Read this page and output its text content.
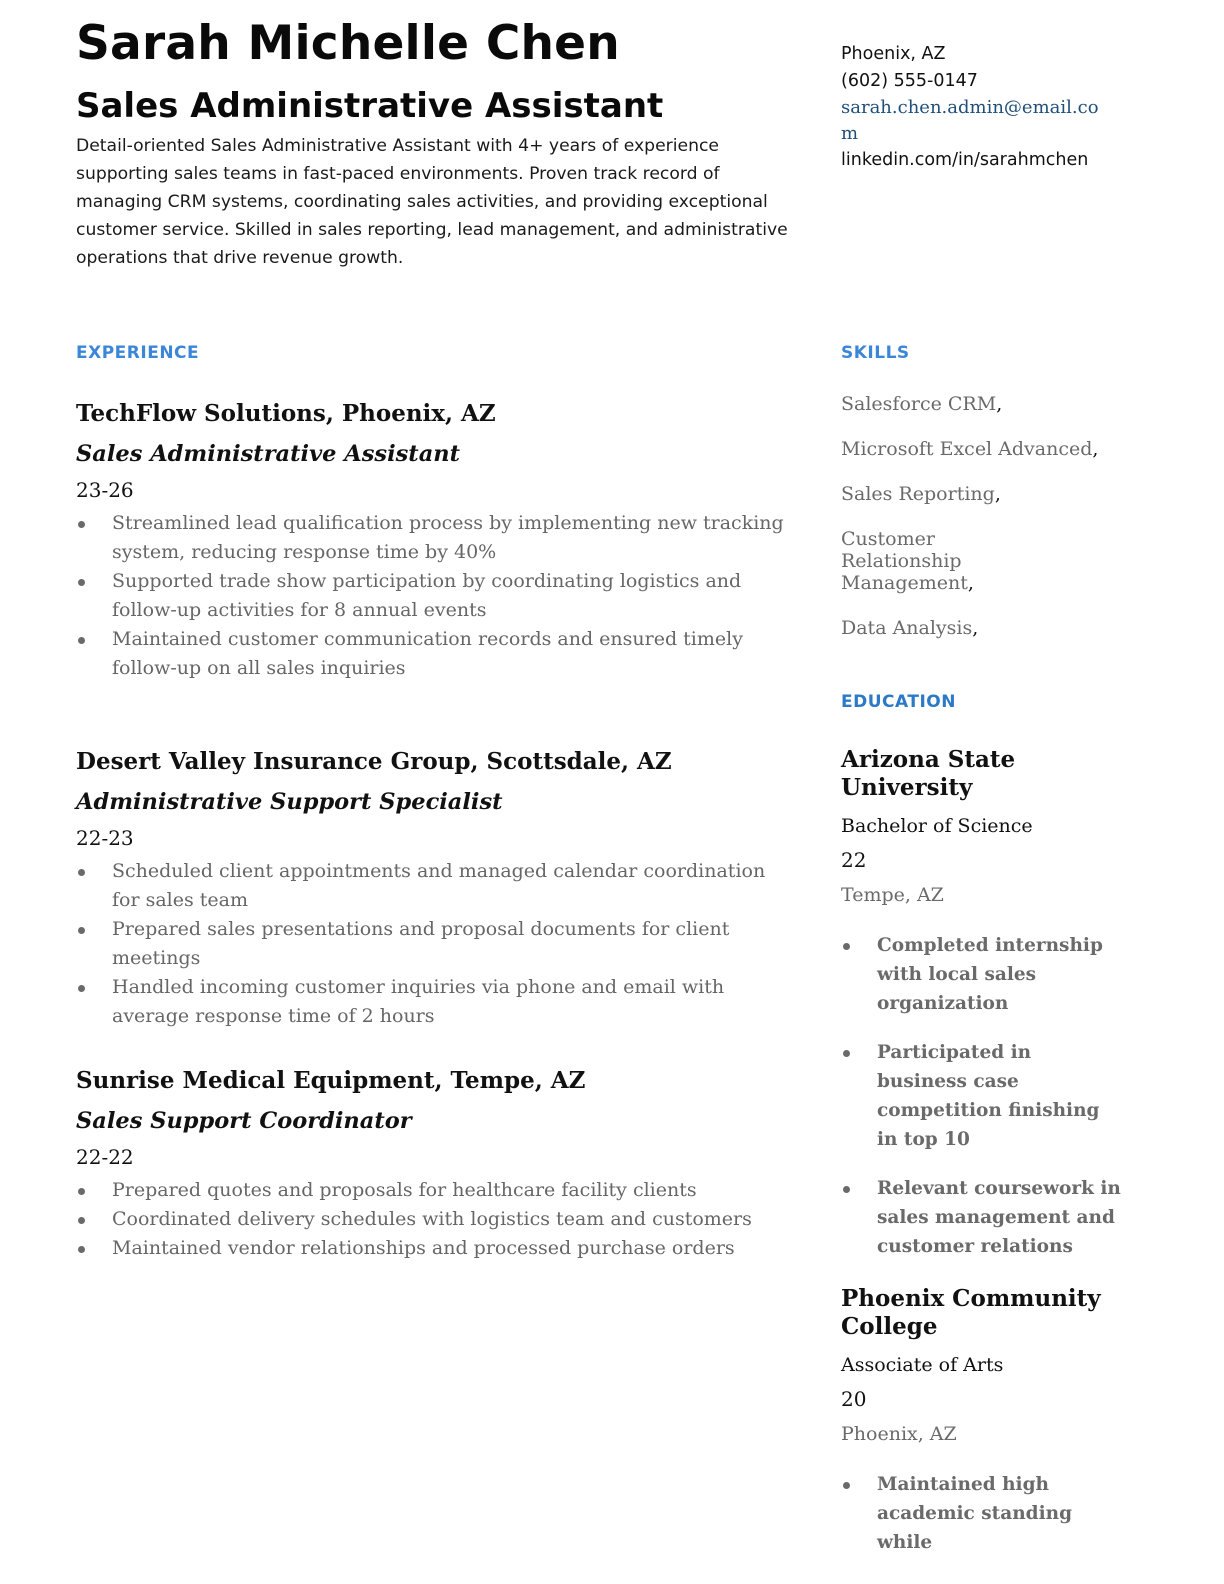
Sarah Michelle Chen
Sales Administrative Assistant

Detail-oriented Sales Administrative Assistant with 4+ years of experience supporting sales teams in fast-paced environments. Proven track record of managing CRM systems, coordinating sales activities, and providing exceptional customer service. Skilled in sales reporting, lead management, and administrative operations that drive revenue growth.

Phoenix, AZ
(602) 555-0147
sarah.chen.admin@email.com
linkedin.com/in/sarahmchen
EXPERIENCE

TechFlow Solutions, Phoenix, AZ

Sales Administrative Assistant

23-26

Streamlined lead qualification process by implementing new tracking system, reducing response time by 40%
Supported trade show participation by coordinating logistics and follow-up activities for 8 annual events
Maintained customer communication records and ensured timely follow-up on all sales inquiries

Desert Valley Insurance Group, Scottsdale, AZ

Administrative Support Specialist

22-23

Scheduled client appointments and managed calendar coordination for sales team
Prepared sales presentations and proposal documents for client meetings
Handled incoming customer inquiries via phone and email with average response time of 2 hours

Sunrise Medical Equipment, Tempe, AZ

Sales Support Coordinator

22-22

Prepared quotes and proposals for healthcare facility clients
Coordinated delivery schedules with logistics team and customers
Maintained vendor relationships and processed purchase orders
SKILLS
Salesforce CRM,
Microsoft Excel Advanced,
Sales Reporting,
Customer Relationship Management,
Data Analysis,
EDUCATION

Arizona State University

Bachelor of Science

22

Tempe, AZ

Completed internship with local sales organization
Participated in business case competition finishing in top 10
Relevant coursework in sales management and customer relations

Phoenix Community College

Associate of Arts

20

Phoenix, AZ

Maintained high academic standing while
